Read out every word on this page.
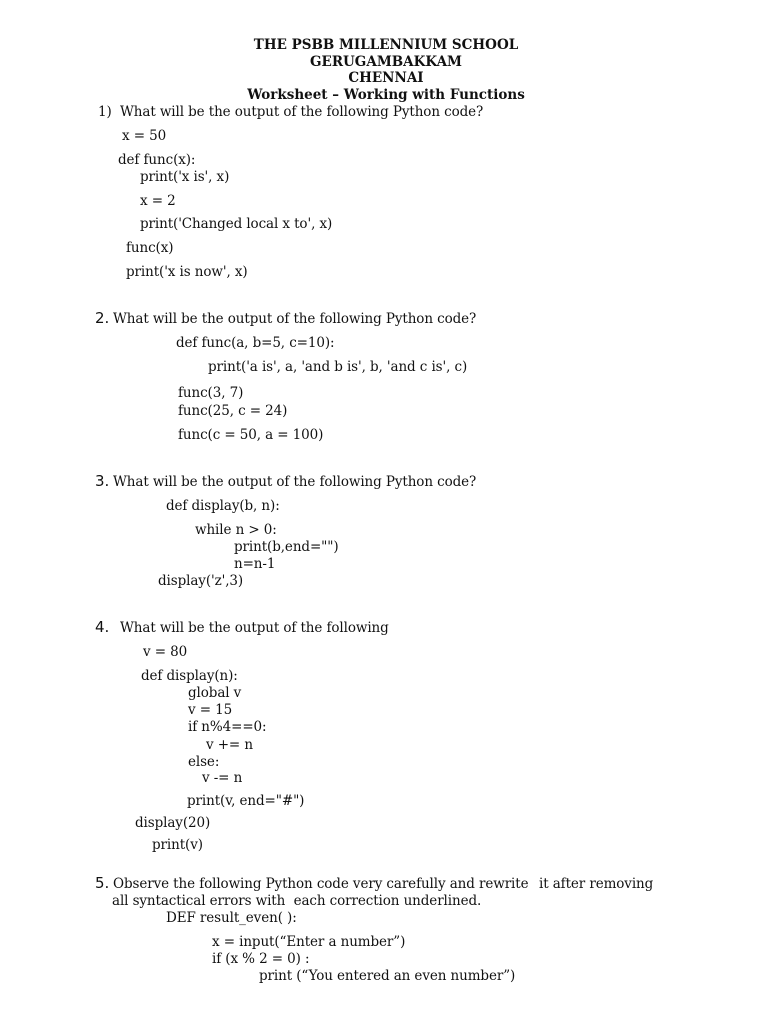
THE PSBB MILLENNIUM SCHOOL
GERUGAMBAKKAM
CHENNAI
Worksheet – Working with Functions
1) What will be the output of the following Python code?
x = 50
def func(x):
print('x is', x)
x = 2
print('Changed local x to', x)
func(x)
print('x is now', x)
2. What will be the output of the following Python code?
def func(a, b=5, c=10):
print('a is', a, 'and b is', b, 'and c is', c)
func(3, 7)
func(25, c = 24)
func(c = 50, a = 100)
3. What will be the output of the following Python code?
def display(b, n):
while n > 0:
print(b,end="")
n=n-1
display('z',3)
4. What will be the output of the following
v = 80
def display(n):
global v
v = 15
if n%4==0:
v += n
else:
v -= n
print(v, end="#")
display(20)
print(v)
5. Observe the following Python code very carefully and rewrite it after removing
all syntactical errors with  each correction underlined.
DEF result_even( ):
x = input(“Enter a number”)
if (x % 2 = 0) :
print (“You entered an even number”)
